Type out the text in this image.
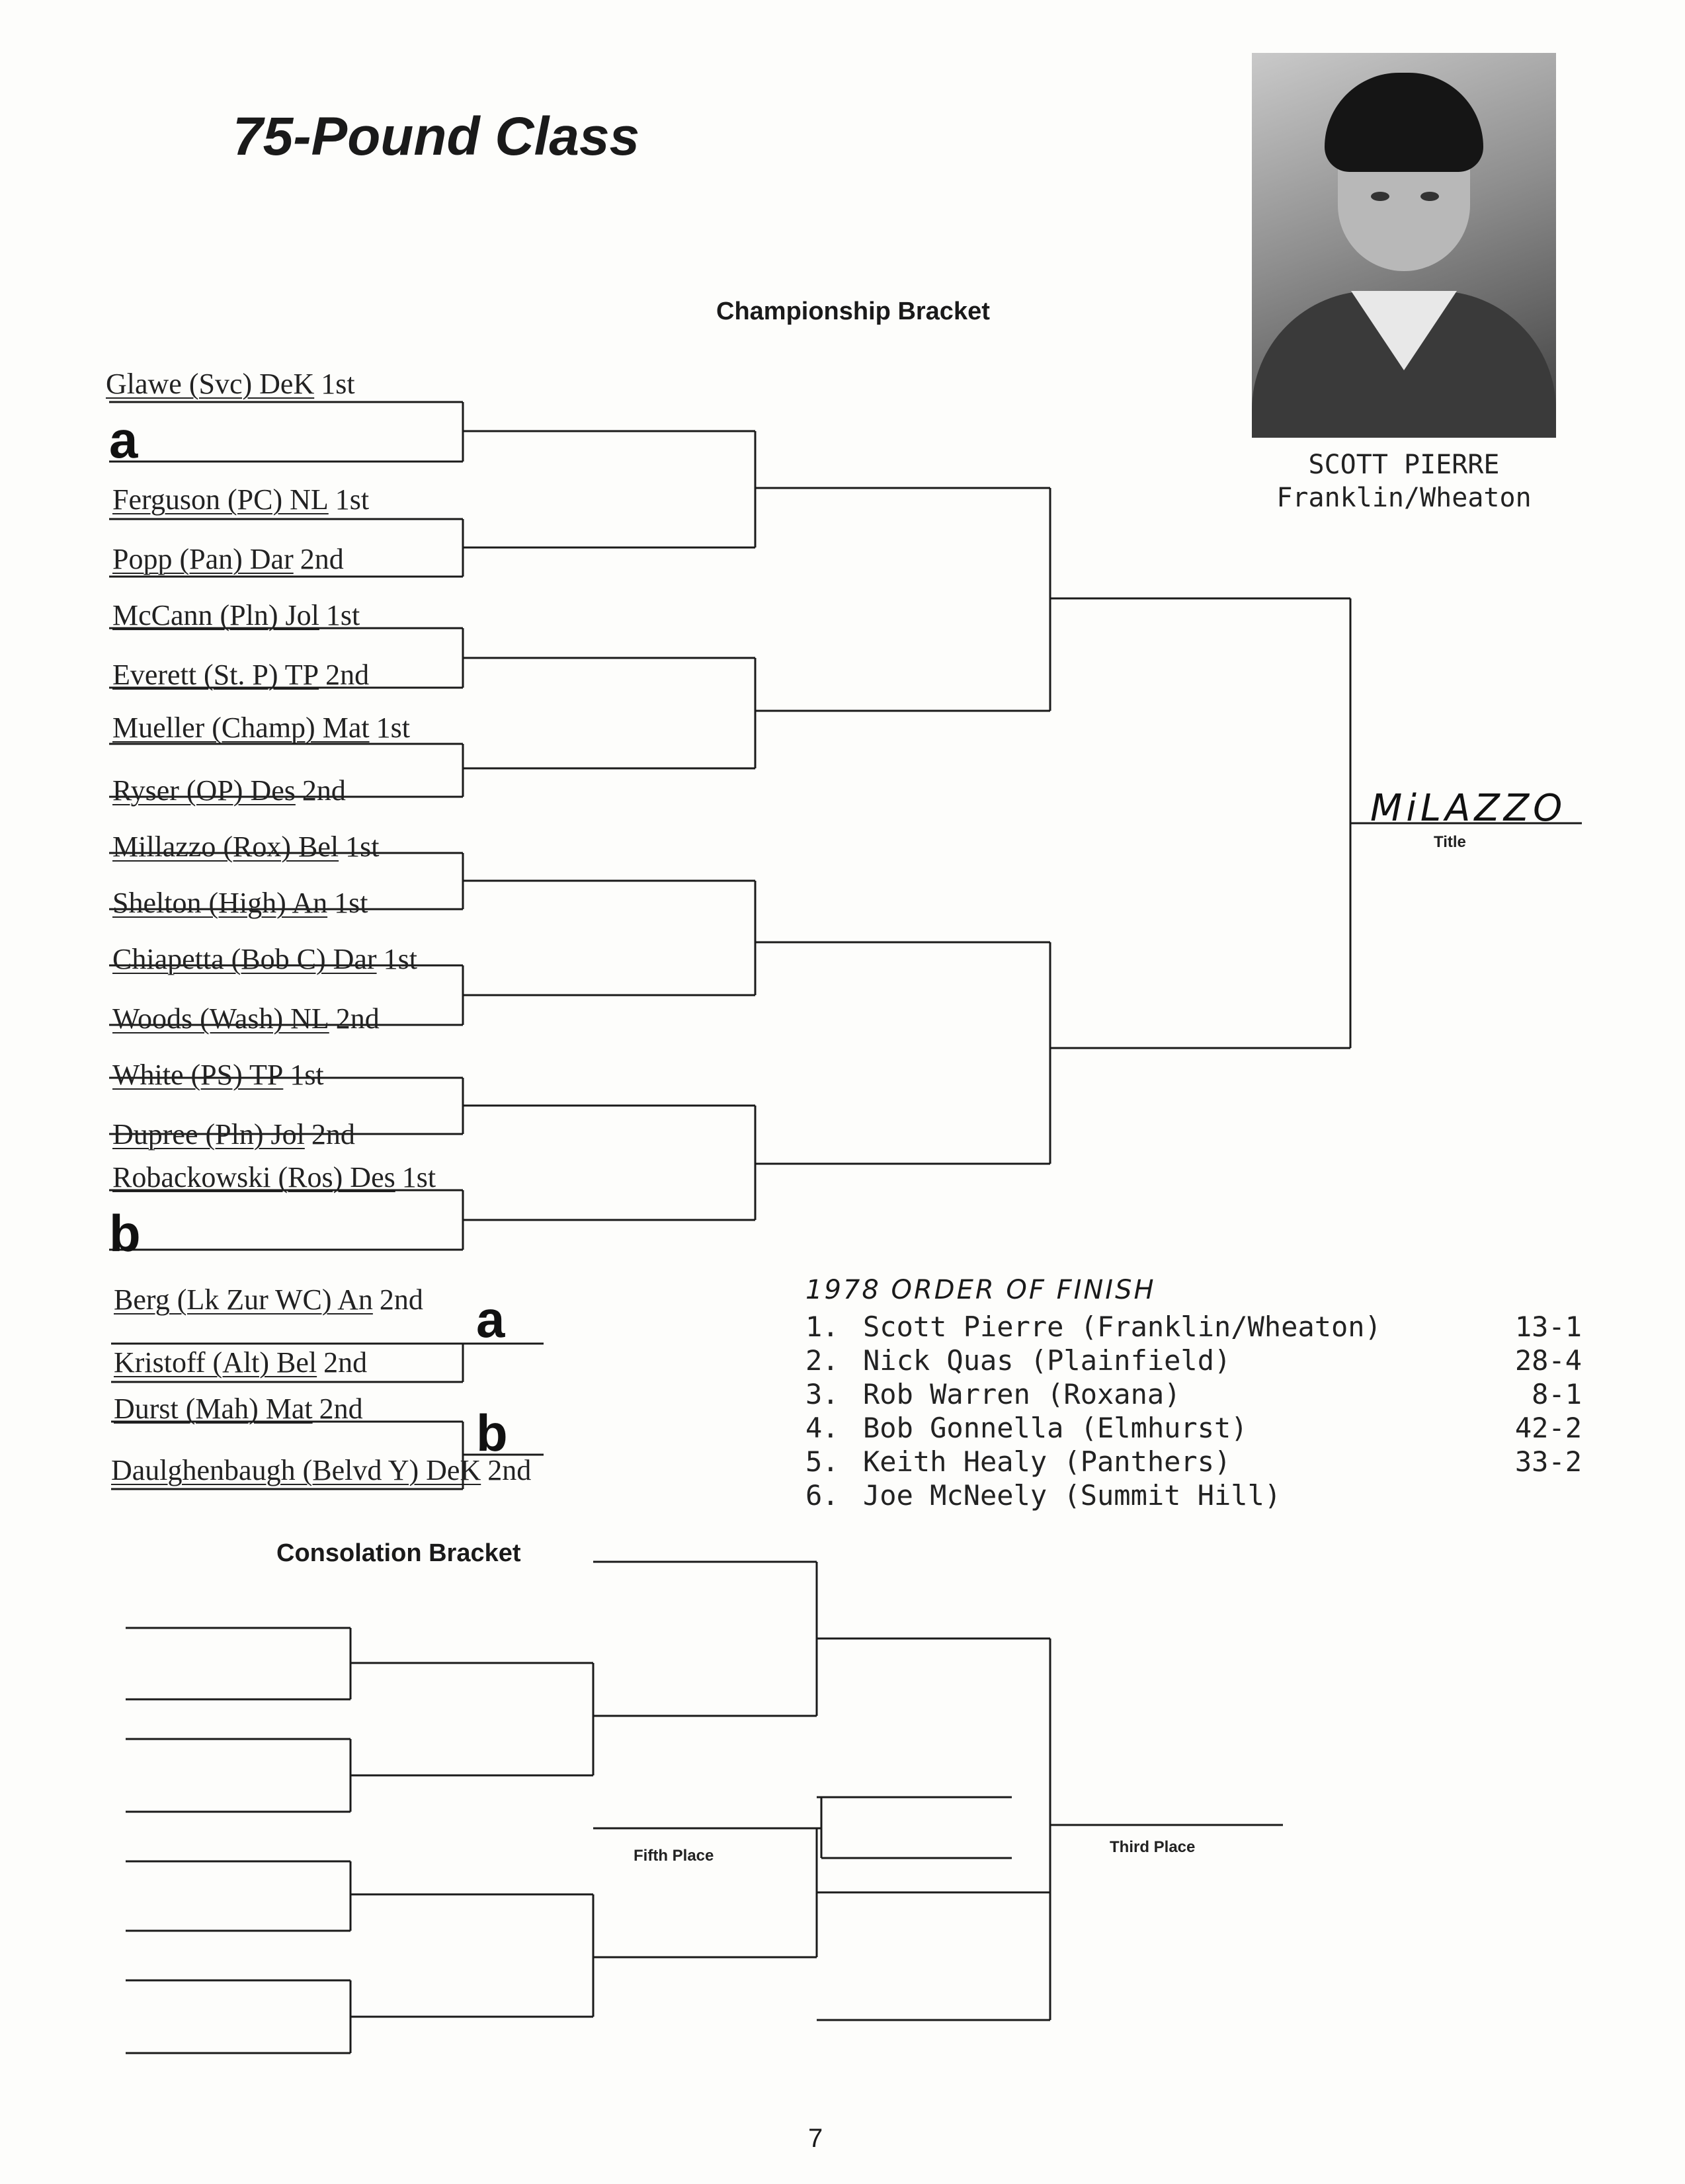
75-Pound Class
Championship Bracket
SCOTT PIERRE
Franklin/Wheaton
Glawe (Svc) DeK 1st
a
Ferguson (PC) NL 1st
Popp (Pan) Dar 2nd
McCann (Pln) Jol 1st
Everett (St. P) TP 2nd
Mueller (Champ) Mat 1st
Ryser (OP) Des 2nd
Millazzo (Rox) Bel 1st
Shelton (High) An 1st
Chiapetta (Bob C) Dar 1st
Woods (Wash) NL 2nd
White (PS) TP 1st
Dupree (Pln) Jol 2nd
Robackowski (Ros) Des 1st
b
Berg (Lk Zur WC) An 2nd
Kristoff (Alt) Bel 2nd
Durst (Mah) Mat 2nd
Daulghenbaugh (Belvd Y) DeK 2nd
a
b
MiLAZZO
Title
1978 ORDER OF FINISH
1. Scott Pierre (Franklin/Wheaton)	13-1
2. Nick Quas (Plainfield)	28-4
3. Rob Warren (Roxana)	8-1
4. Bob Gonnella (Elmhurst)	42-2
5. Keith Healy (Panthers)	33-2
6. Joe McNeely (Summit Hill)
Consolation Bracket
Fifth Place	Third Place
7
